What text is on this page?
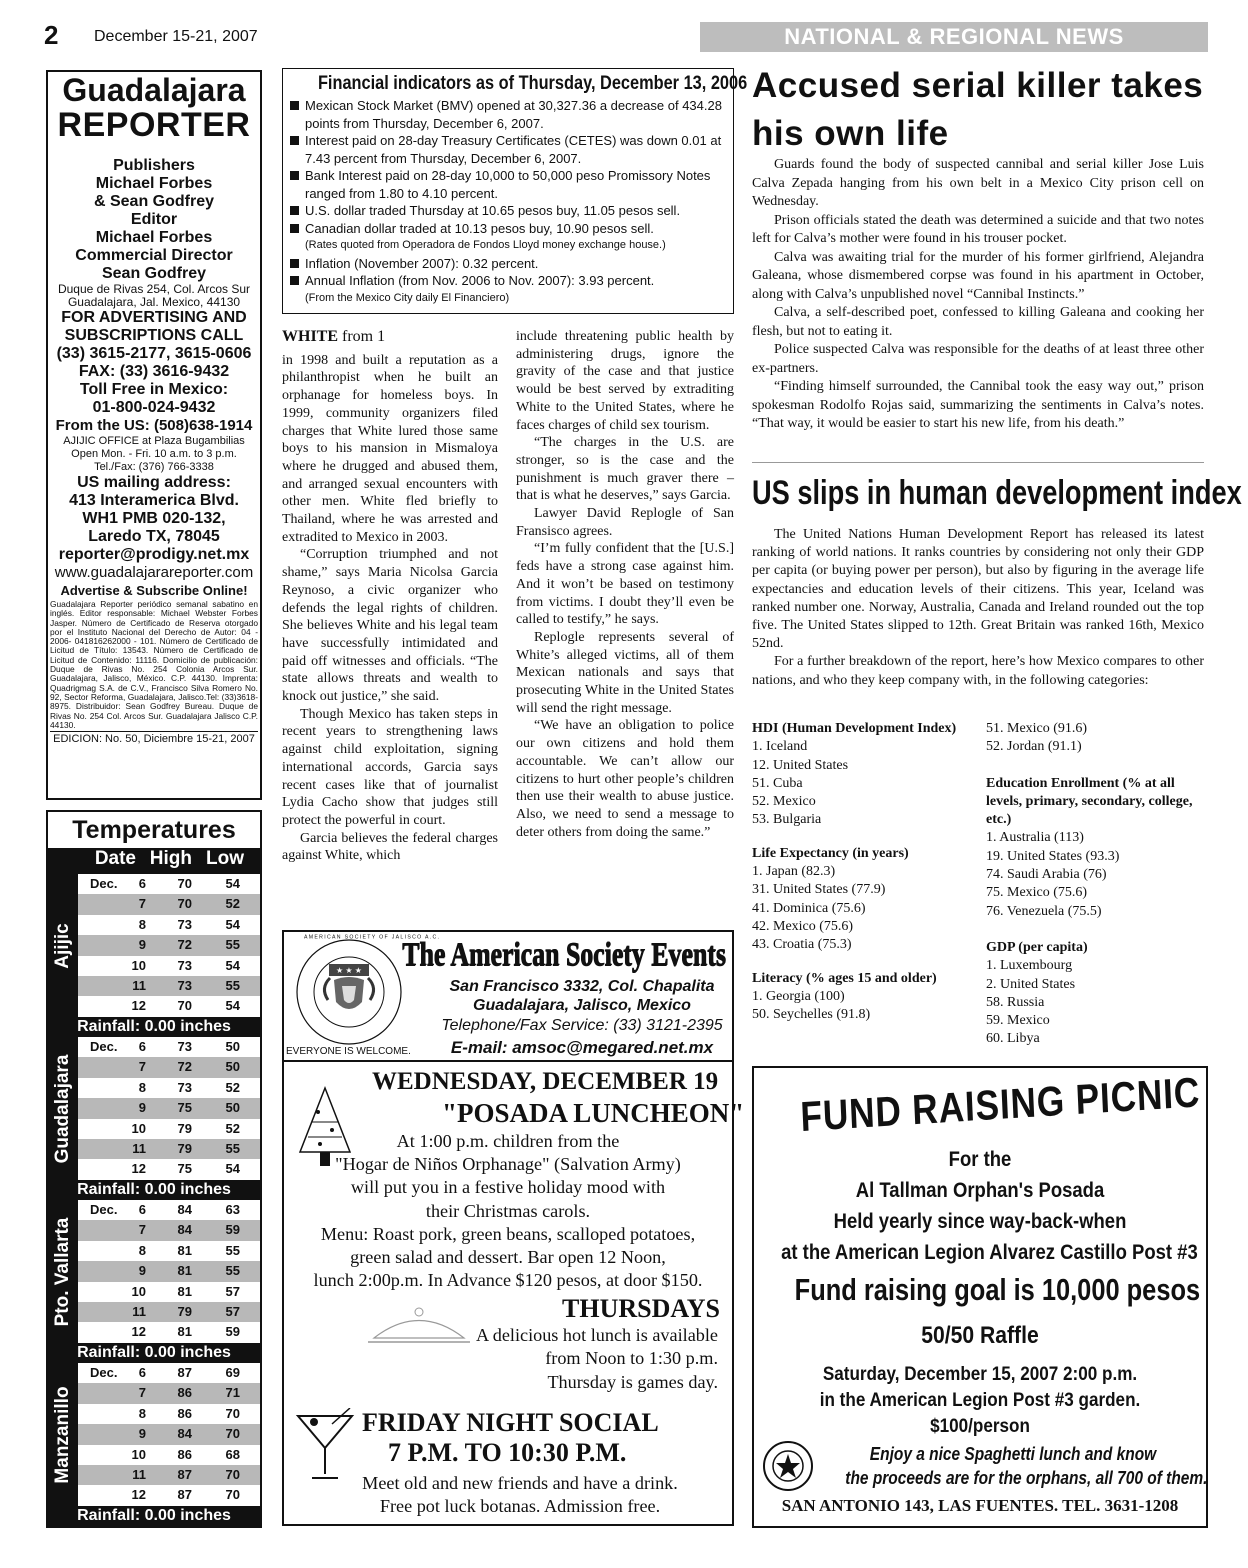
2 December 15-21, 2007	NATIONAL & REGIONAL NEWS
Guadalajara
REPORTER
Publishers
Michael Forbes
& Sean Godfrey
Editor
Michael Forbes
Commercial Director
Sean Godfrey
Duque de Rivas 254, Col. Arcos Sur
Guadalajara, Jal. Mexico, 44130
FOR ADVERTISING AND
SUBSCRIPTIONS CALL
(33) 3615-2177, 3615-0606
FAX: (33) 3616-9432
Toll Free in Mexico:
01-800-024-9432
From the US: (508)638-1914
AJIJIC OFFICE at Plaza Bugambilias
Open Mon. - Fri. 10 a.m. to 3 p.m.
Tel./Fax: (376) 766-3338
US mailing address:
413 Interamerica Blvd.
WH1 PMB 020-132,
Laredo TX, 78045
reporter@prodigy.net.mx
www.guadalajarareporter.com
Advertise & Subscribe Online!
Guadalajara Reporter periódico semanal sabatino en inglés. Editor responsable: Michael Webster Forbes Jasper. Número de Certificado de Reserva otorgado por el Instituto Nacional del Derecho de Autor: 04 - 2006- 041816262000 - 101. Número de Certificado de Licitud de Título: 13543. Número de Certificado de Licitud de Contenido: 11116. Domicilio de publicación: Duque de Rivas No. 254 Colonia Arcos Sur. Guadalajara, Jalisco, México. C.P. 44130. Imprenta: Quadrigmag S.A. de C.V., Francisco Silva Romero No. 92, Sector Reforma, Guadalajara, Jalisco.Tel: (33)3618-8975. Distribuidor: Sean Godfrey Bureau. Duque de Rivas No. 254 Col. Arcos Sur. Guadalajara Jalisco C.P. 44130.
EDICION: No. 50, Diciembre 15-21, 2007
Temperatures
Date High Low
Ajijic
Dec.	6	70	54
7	70	52
8	73	54
9	72	55
10	73	54
11	73	55
12	70	54
Rainfall: 0.00 inches
Guadalajara
Dec.	6	73	50
7	72	50
8	73	52
9	75	50
10	79	52
11	79	55
12	75	54
Rainfall: 0.00 inches
Pto. Vallarta
Dec.	6	84	63
7	84	59
8	81	55
9	81	55
10	81	57
11	79	57
12	81	59
Rainfall: 0.00 inches
Manzanillo
Dec.	6	87	69
7	86	71
8	86	70
9	84	70
10	86	68
11	87	70
12	87	70
Rainfall: 0.00 inches
Financial indicators as of Thursday, December 13, 2006
Mexican Stock Market (BMV) opened at 30,327.36 a decrease of 434.28 points from Thursday, December 6, 2007.
Interest paid on 28-day Treasury Certificates (CETES) was down 0.01 at 7.43 percent from Thursday, December 6, 2007.
Bank Interest paid on 28-day 10,000 to 50,000 peso Promissory Notes ranged from 1.80 to 4.10 percent.
U.S. dollar traded Thursday at 10.65 pesos buy, 11.05 pesos sell.
Canadian dollar traded at 10.13 pesos buy, 10.90 pesos sell.
(Rates quoted from Operadora de Fondos Lloyd money exchange house.)
Inflation (November 2007): 0.32 percent.
Annual Inflation (from Nov. 2006 to Nov. 2007): 3.93 percent.
(From the Mexico City daily El Financiero)
WHITE from 1

in 1998 and built a reputation as a philanthropist when he built an orphanage for homeless boys. In 1999, community organizers filed charges that White lured those same boys to his mansion in Mismaloya where he drugged and abused them, and arranged sexual encounters with other men. White fled briefly to Thailand, where he was arrested and extradited to Mexico in 2003.

“Corruption triumphed and not shame,” says Maria Nicolsa Garcia Reynoso, a civic organizer who defends the legal rights of children. She believes White and his legal team have successfully intimidated and paid off witnesses and officials. “The state allows threats and wealth to knock out justice,” she said.

Though Mexico has taken steps in recent years to strengthening laws against child exploitation, signing international accords, Garcia says recent cases like that of journalist Lydia Cacho show that judges still protect the powerful in court.

Garcia believes the federal charges against White, which

include threatening public health by administering drugs, ignore the gravity of the case and that justice would be best served by extraditing White to the United States, where he faces charges of child sex tourism.

“The charges in the U.S. are stronger, so is the case and the punishment is much graver there – that is what he deserves,” says Garcia.

Lawyer David Replogle of San Fransisco agrees.

“I’m fully confident that the [U.S.] feds have a strong case against him. And it won’t be based on testimony from victims. I doubt they’ll even be called to testify,” he says.

Replogle represents several of White’s alleged victims, all of them Mexican nationals and says that prosecuting White in the United States will send the right message.

“We have an obligation to police our own citizens and hold them accountable. We can’t allow our citizens to hurt other people’s children then use their wealth to abuse justice. Also, we need to send a message to deter others from doing the same.”

Accused serial killer takes his own life

Guards found the body of suspected cannibal and serial killer Jose Luis Calva Zepada hanging from his own belt in a Mexico City prison cell on Wednesday.

Prison officials stated the death was determined a suicide and that two notes left for Calva’s mother were found in his trouser pocket.

Calva was awaiting trial for the murder of his former girlfriend, Alejandra Galeana, whose dismembered corpse was found in his apartment in October, along with Calva’s unpublished novel “Cannibal Instincts.”

Calva, a self-described poet, confessed to killing Galeana and cooking her flesh, but not to eating it.

Police suspected Calva was responsible for the deaths of at least three other ex-partners.

“Finding himself surrounded, the Cannibal took the easy way out,” prison spokesman Rodolfo Rojas said, summarizing the sentiments in Calva’s notes. “That way, it would be easier to start his new life, from his death.”

US slips in human development index

The United Nations Human Development Report has released its latest ranking of world nations. It ranks countries by considering not only their GDP per capita (or buying power per person), but also by figuring in the average life expectancies and education levels of their citizens. This year, Iceland was ranked number one. Norway, Australia, Canada and Ireland rounded out the top five. The United States slipped to 12th. Great Britain was ranked 16th, Mexico 52nd.

For a further breakdown of the report, here’s how Mexico compares to other nations, and who they keep company with, in the following categories:

HDI (Human Development Index)
1. Iceland
12. United States
51. Cuba
52. Mexico
53. Bulgaria
Life Expectancy (in years)
1. Japan (82.3)
31. United States (77.9)
41. Dominica (75.6)
42. Mexico (75.6)
43. Croatia (75.3)
Literacy (% ages 15 and older)
1. Georgia (100)
50. Seychelles (91.8)
51. Mexico (91.6)
52. Jordan (91.1)
Education Enrollment (% at all levels, primary, secondary, college, etc.)
1. Australia (113)
19. United States (93.3)
74. Saudi Arabia (76)
75. Mexico (75.6)
76. Venezuela (75.5)
GDP (per capita)
1. Luxembourg
2. United States
58. Russia
59. Mexico
60. Libya
★ ★ ★
AMERICAN SOCIETY OF JALISCO A.C.
EVERYONE IS WELCOME.
The American Society Events
San Francisco 3332, Col. Chapalita
Guadalajara, Jalisco, Mexico
Telephone/Fax Service: (33) 3121-2395
E-mail: amsoc@megared.net.mx
WEDNESDAY, DECEMBER 19
"POSADA LUNCHEON"
At 1:00 p.m. children from the
"Hogar de Niños Orphanage" (Salvation Army)
will put you in a festive holiday mood with
their Christmas carols.
Menu: Roast pork, green beans, scalloped potatoes,
green salad and dessert. Bar open 12 Noon,
lunch 2:00p.m. In Advance $120 pesos, at door $150.
THURSDAYS
A delicious hot lunch is available
from Noon to 1:30 p.m.
Thursday is games day.
FRIDAY NIGHT SOCIAL
7 P.M. TO 10:30 P.M.
Meet old and new friends and have a drink.
Free pot luck botanas. Admission free.
FUND RAISING PICNIC
For the
Al Tallman Orphan's Posada
Held yearly since way-back-when
at the American Legion Alvarez Castillo Post #3
Fund raising goal is 10,000 pesos
50/50 Raffle
Saturday, December 15, 2007 2:00 p.m.
in the American Legion Post #3 garden.
$100/person
Enjoy a nice Spaghetti lunch and know
the proceeds are for the orphans, all 700 of them.
SAN ANTONIO 143, LAS FUENTES. TEL. 3631-1208
